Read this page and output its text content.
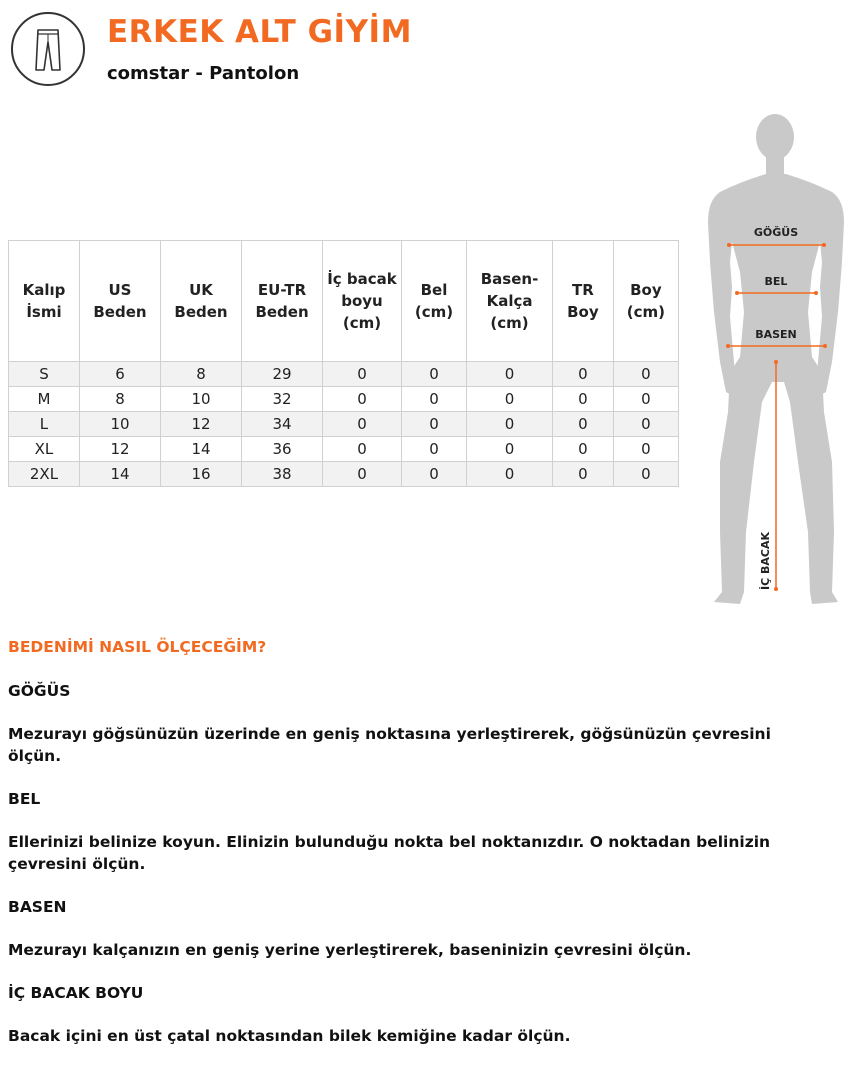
ERKEK ALT GİYİM
comstar - Pantolon
Kalıp İsmi	US Beden	UK Beden	EU-TR Beden	İç bacak boyu (cm)	Bel (cm)	Basen-Kalça (cm)	TR Boy	Boy (cm)
S	6	8	29	0	0	0	0	0
M	8	10	32	0	0	0	0	0
L	10	12	34	0	0	0	0	0
XL	12	14	36	0	0	0	0	0
2XL	14	16	38	0	0	0	0	0
GÖĞÜS
BEL
BASEN
İÇ BACAK
BEDENİMİ NASIL ÖLÇECEĞİM?
GÖĞÜS
Mezurayı göğsünüzün üzerinde en geniş noktasına yerleştirerek, göğsünüzün çevresini ölçün.
BEL
Ellerinizi belinize koyun. Elinizin bulunduğu nokta bel noktanızdır. O noktadan belinizin çevresini ölçün.
BASEN
Mezurayı kalçanızın en geniş yerine yerleştirerek, baseninizin çevresini ölçün.
İÇ BACAK BOYU
Bacak içini en üst çatal noktasından bilek kemiğine kadar ölçün.
